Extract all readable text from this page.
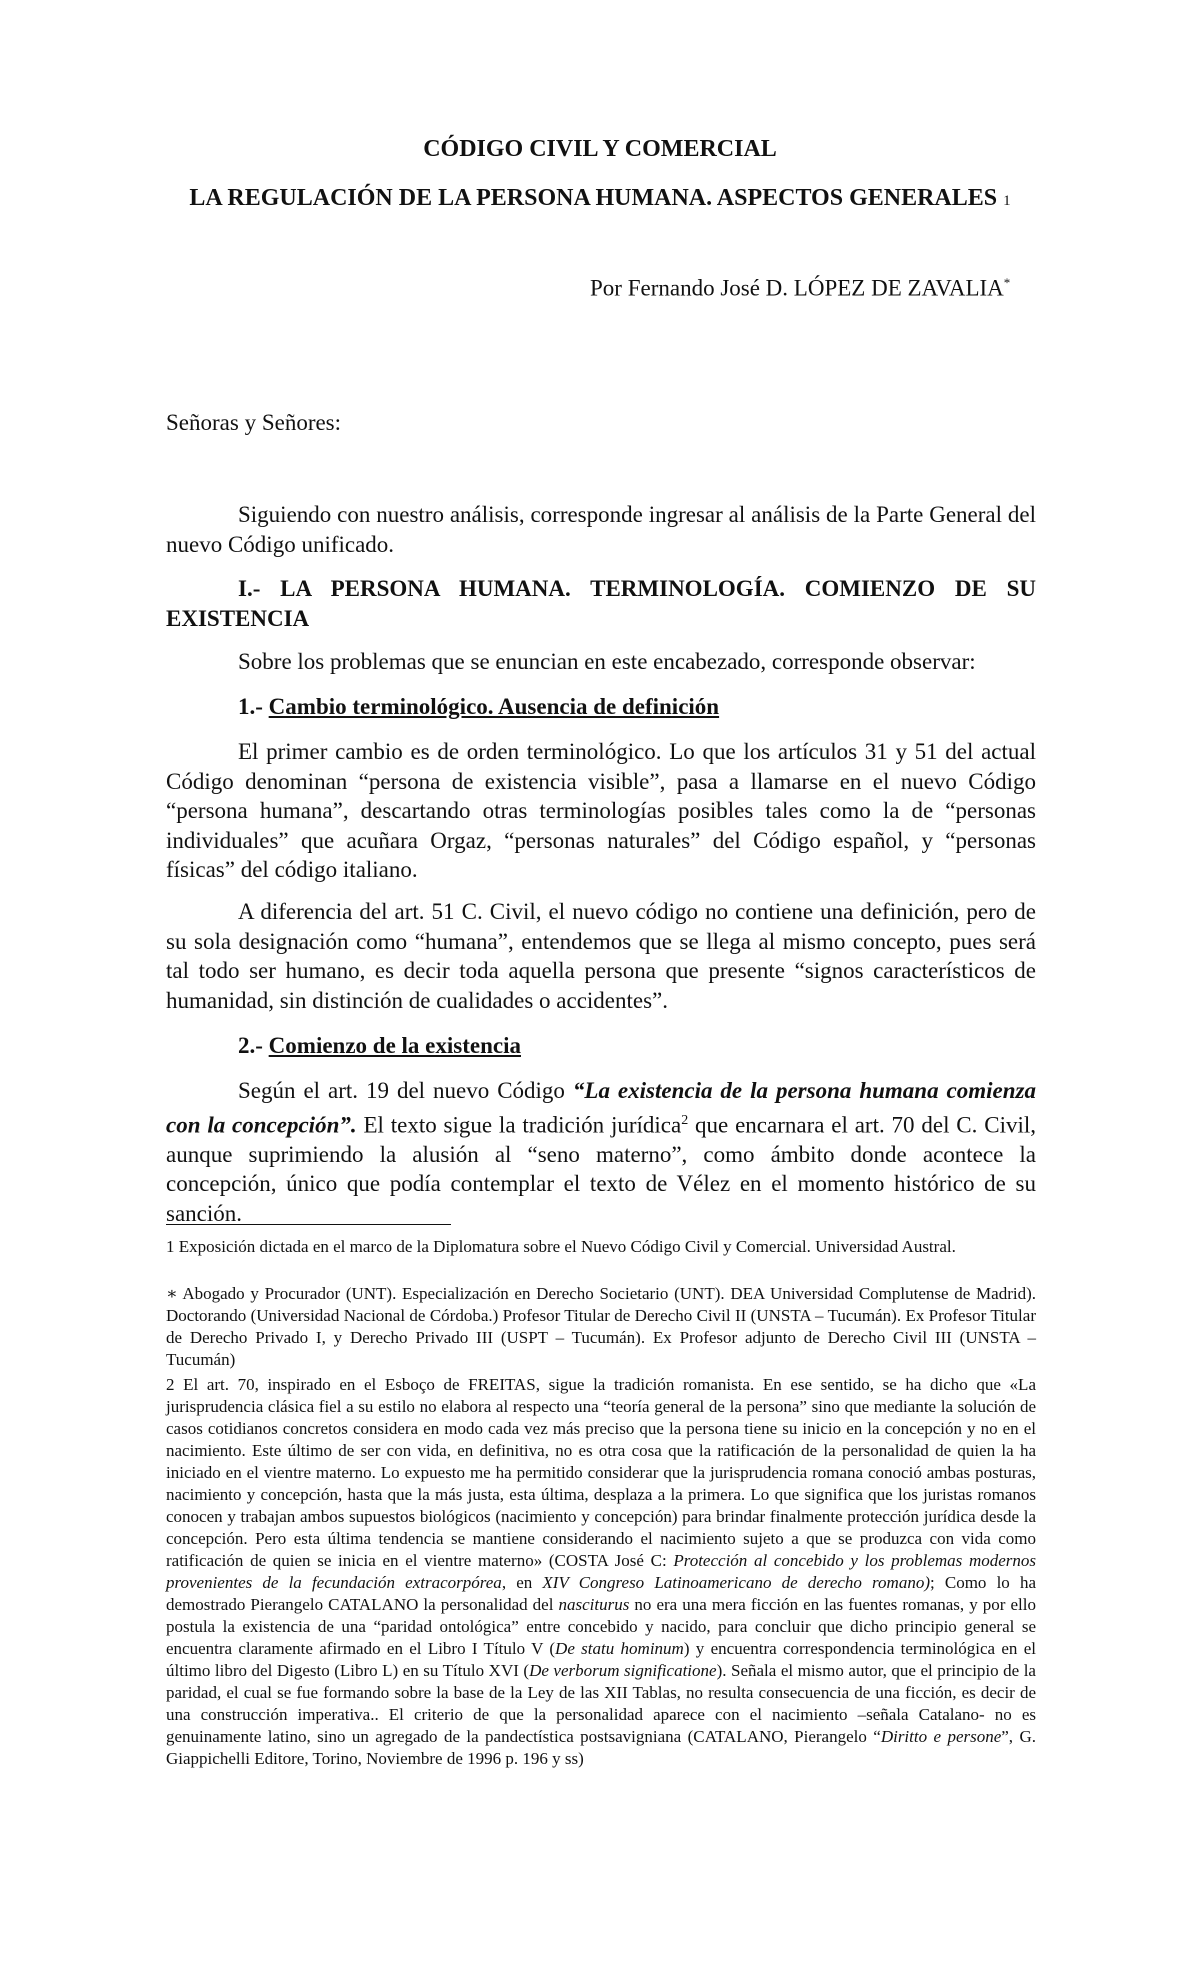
CÓDIGO CIVIL Y COMERCIAL
LA REGULACIÓN DE LA PERSONA HUMANA. ASPECTOS GENERALES 1
Por Fernando José D. LÓPEZ DE ZAVALIA*
Señoras y Señores:
Siguiendo con nuestro análisis, corresponde ingresar al análisis de la Parte General del nuevo Código unificado.
I.- LA PERSONA HUMANA. TERMINOLOGÍA. COMIENZO DE SU EXISTENCIA
Sobre los problemas que se enuncian en este encabezado, corresponde observar:
1.- Cambio terminológico. Ausencia de definición
El primer cambio es de orden terminológico. Lo que los artículos 31 y 51 del actual Código denominan “persona de existencia visible”, pasa a llamarse en el nuevo Código “persona humana”, descartando otras terminologías posibles tales como la de “personas individuales” que acuñara Orgaz, “personas naturales” del Código español, y “personas físicas” del código italiano.
A diferencia del art. 51 C. Civil, el nuevo código no contiene una definición, pero de su sola designación como “humana”, entendemos que se llega al mismo concepto, pues será tal todo ser humano, es decir toda aquella persona que presente “signos característicos de humanidad, sin distinción de cualidades o accidentes”.
2.- Comienzo de la existencia
Según el art. 19 del nuevo Código “La existencia de la persona humana comienza con la concepción”. El texto sigue la tradición jurídica$^2$ que encarnara el art. 70 del C. Civil, aunque suprimiendo la alusión al “seno materno”, como ámbito donde acontece la concepción, único que podía contemplar el texto de Vélez en el momento histórico de su sanción.
1 Exposición dictada en el marco de la Diplomatura sobre el Nuevo Código Civil y Comercial. Universidad Austral.
∗ Abogado y Procurador (UNT). Especialización en Derecho Societario (UNT). DEA Universidad Complutense de Madrid). Doctorando (Universidad Nacional de Córdoba.) Profesor Titular de Derecho Civil II (UNSTA – Tucumán). Ex Profesor Titular de Derecho Privado I, y Derecho Privado III (USPT – Tucumán). Ex Profesor adjunto de Derecho Civil III (UNSTA – Tucumán)
2 El art. 70, inspirado en el Esboço de FREITAS, sigue la tradición romanista. En ese sentido, se ha dicho que «La jurisprudencia clásica fiel a su estilo no elabora al respecto una “teoría general de la persona” sino que mediante la solución de casos cotidianos concretos considera en modo cada vez más preciso que la persona tiene su inicio en la concepción y no en el nacimiento. Este último de ser con vida, en definitiva, no es otra cosa que la ratificación de la personalidad de quien la ha iniciado en el vientre materno. Lo expuesto me ha permitido considerar que la jurisprudencia romana conoció ambas posturas, nacimiento y concepción, hasta que la más justa, esta última, desplaza a la primera. Lo que significa que los juristas romanos conocen y trabajan ambos supuestos biológicos (nacimiento y concepción) para brindar finalmente protección jurídica desde la concepción. Pero esta última tendencia se mantiene considerando el nacimiento sujeto a que se produzca con vida como ratificación de quien se inicia en el vientre materno» (COSTA José C: Protección al concebido y los problemas modernos provenientes de la fecundación extracorpórea, en XIV Congreso Latinoamericano de derecho romano); Como lo ha demostrado Pierangelo CATALANO la personalidad del nasciturus no era una mera ficción en las fuentes romanas, y por ello postula la existencia de una “paridad ontológica” entre concebido y nacido, para concluir que dicho principio general se encuentra claramente afirmado en el Libro I Título V (De statu hominum) y encuentra correspondencia terminológica en el último libro del Digesto (Libro L) en su Título XVI (De verborum significatione). Señala el mismo autor, que el principio de la paridad, el cual se fue formando sobre la base de la Ley de las XII Tablas, no resulta consecuencia de una ficción, es decir de una construcción imperativa.. El criterio de que la personalidad aparece con el nacimiento –señala Catalano- no es genuinamente latino, sino un agregado de la pandectística postsavigniana (CATALANO, Pierangelo “Diritto e persone”, G. Giappichelli Editore, Torino, Noviembre de 1996 p. 196 y ss)
